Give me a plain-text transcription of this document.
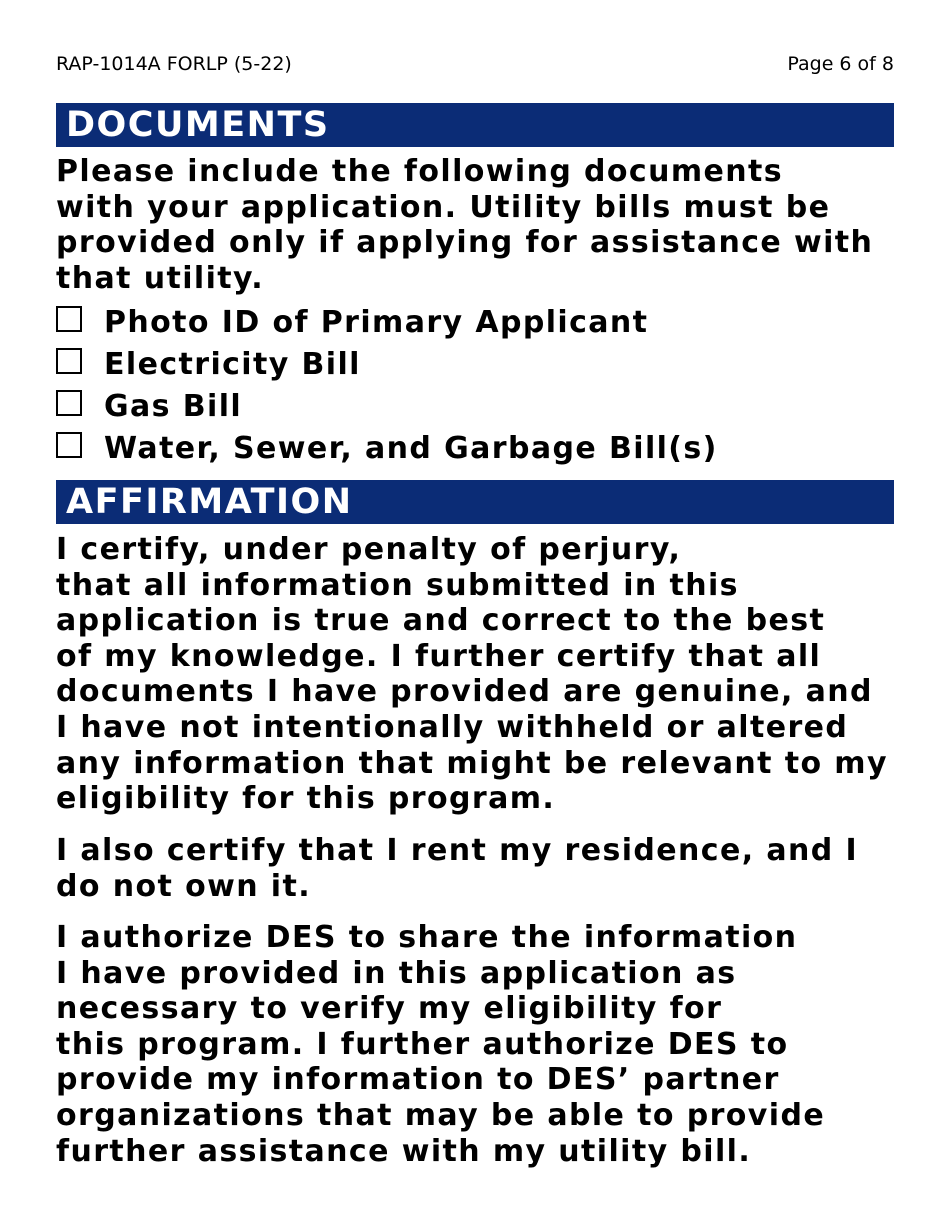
RAP-1014A FORLP (5-22)	Page 6 of 8
DOCUMENTS
Please include the following documents
with your application. Utility bills must be
provided only if applying for assistance with
that utility.
Photo ID of Primary Applicant
Electricity Bill
Gas Bill
Water, Sewer, and Garbage Bill(s)
AFFIRMATION
I certify, under penalty of perjury,
that all information submitted in this
application is true and correct to the best
of my knowledge. I further certify that all
documents I have provided are genuine, and
I have not intentionally withheld or altered
any information that might be relevant to my
eligibility for this program.
I also certify that I rent my residence, and I
do not own it.
I authorize DES to share the information
I have provided in this application as
necessary to verify my eligibility for
this program. I further authorize DES to
provide my information to DES’ partner
organizations that may be able to provide
further assistance with my utility bill.
